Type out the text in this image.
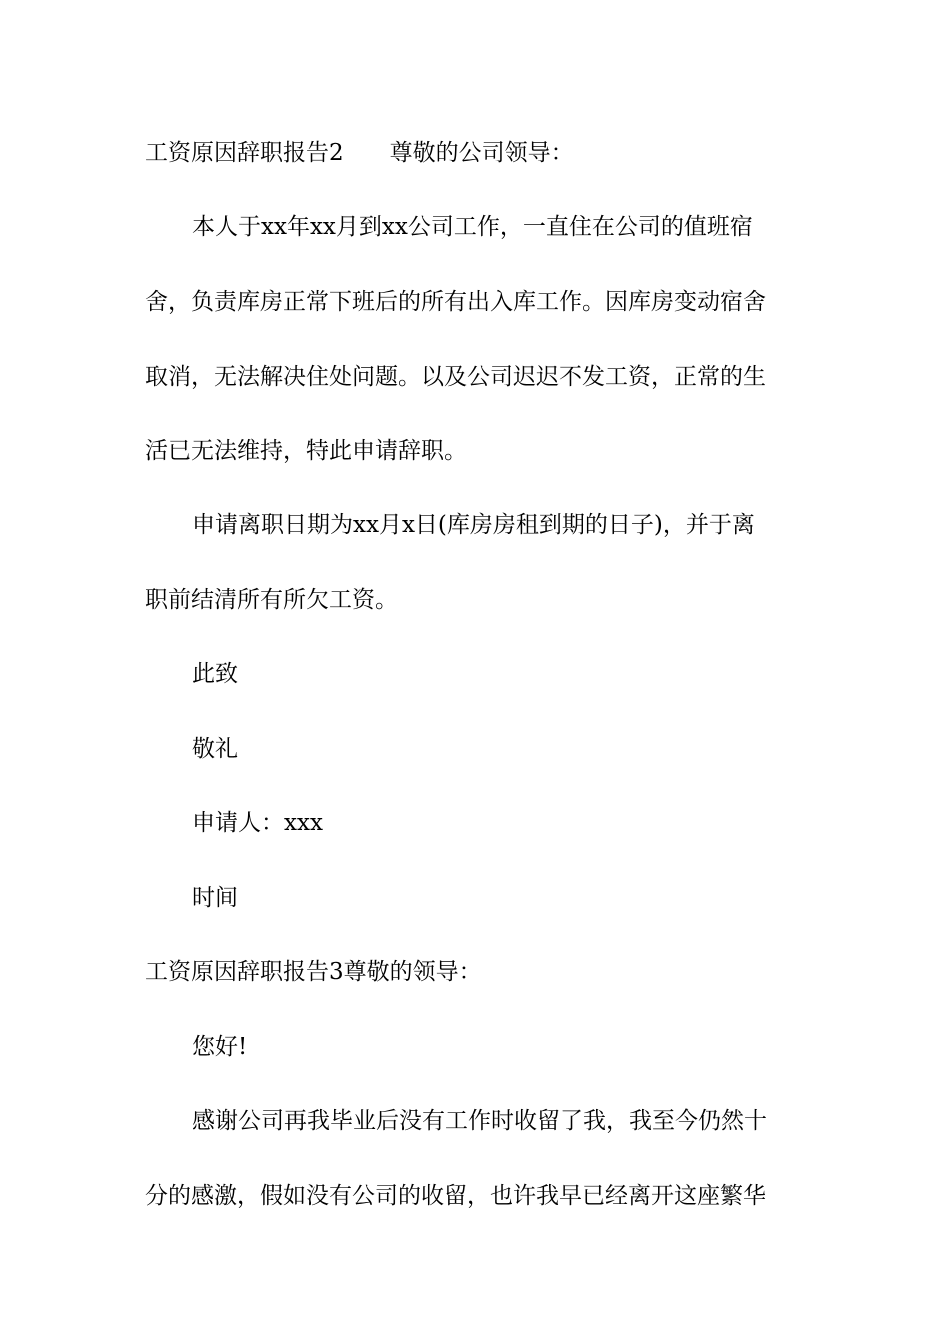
工资原因辞职报告2 尊敬的公司领导：
本人于xx年xx月到xx公司工作，一直住在公司的值班宿
舍，负责库房正常下班后的所有出入库工作。因库房变动宿舍
取消，无法解决住处问题。以及公司迟迟不发工资，正常的生
活已无法维持，特此申请辞职。
申请离职日期为xx月x日(库房房租到期的日子)，并于离
职前结清所有所欠工资。
此致
敬礼
申请人：xxx
时间
工资原因辞职报告3尊敬的领导：
您好!
感谢公司再我毕业后没有工作时收留了我，我至今仍然十
分的感激，假如没有公司的收留，也许我早已经离开这座繁华
